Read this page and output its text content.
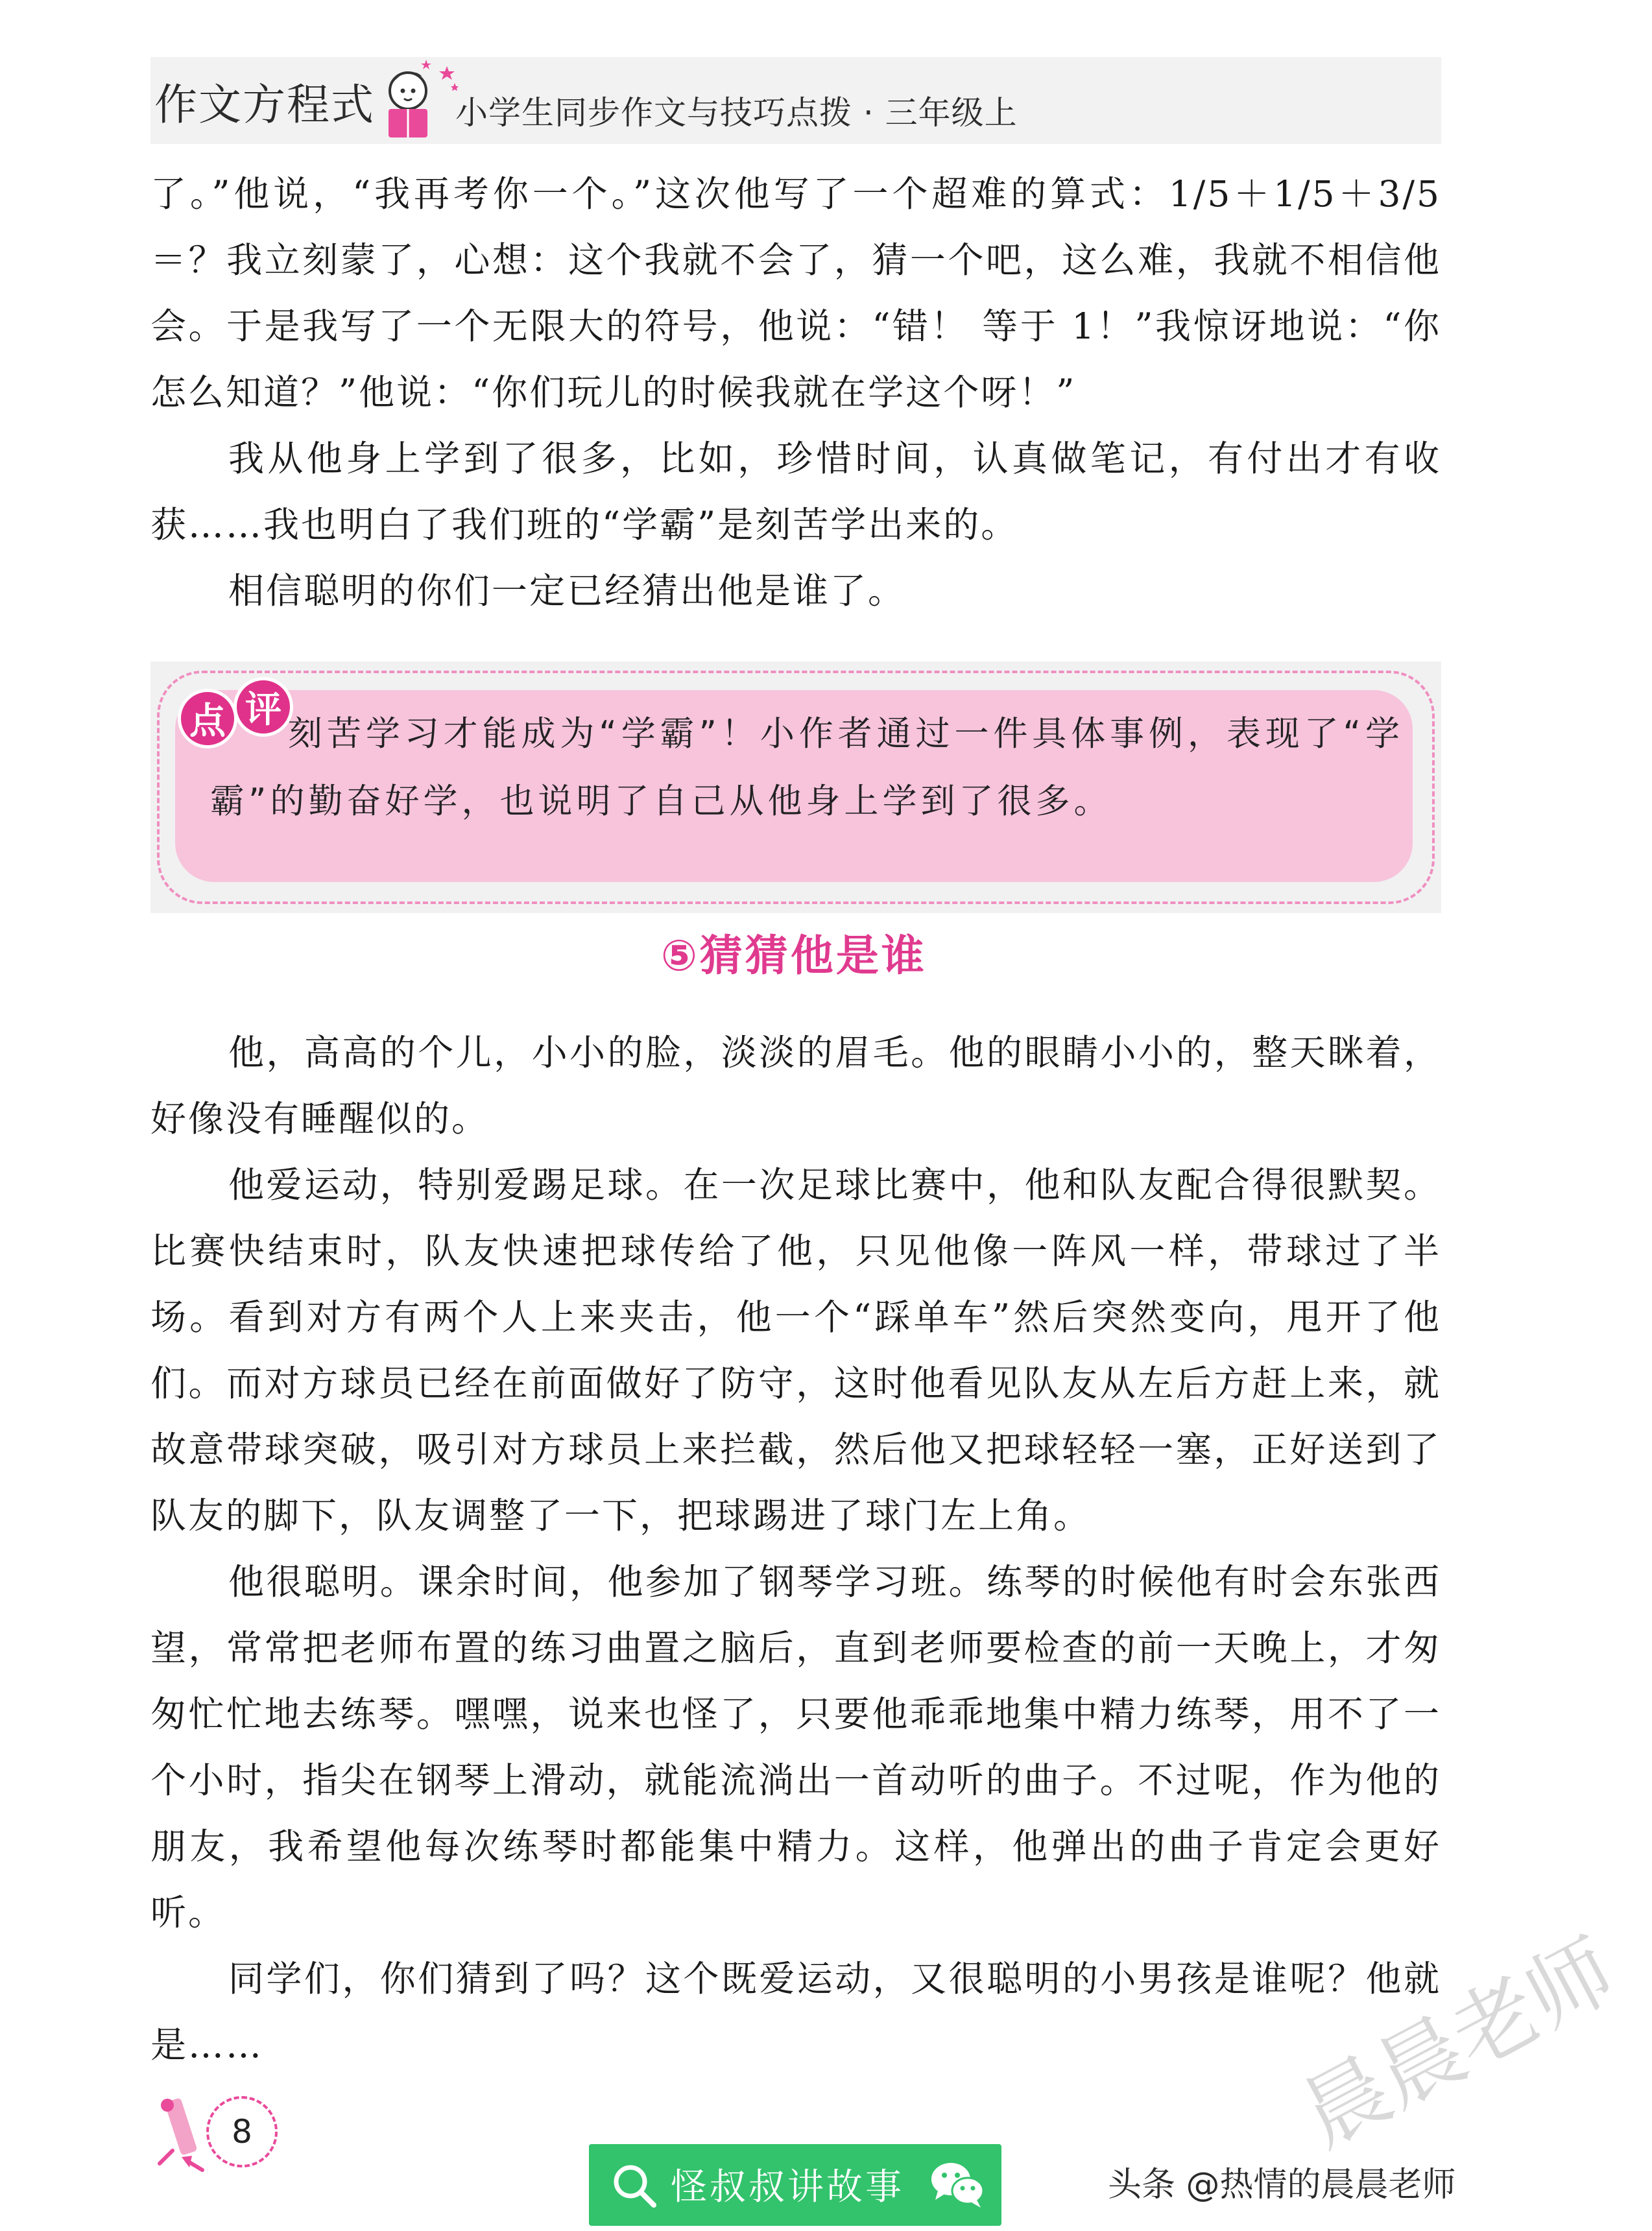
作文方程式 小学生同步作文与技巧点拨 · 三年级上

了。”他说，“我再考你一个。”这次他写了一个超难的算式：1/5＋1/5＋3/5＝？我立刻蒙了，心想：这个我就不会了，猜一个吧，这么难，我就不相信他会。于是我写了一个无限大的符号，他说：“错！ 等于 1！”我惊讶地说：“你怎么知道？”他说：“你们玩儿的时候我就在学这个呀！”

我从他身上学到了很多，比如，珍惜时间，认真做笔记，有付出才有收获……我也明白了我们班的“学霸”是刻苦学出来的。

相信聪明的你们一定已经猜出他是谁了。

点 评

刻苦学习才能成为“学霸”！小作者通过一件具体事例，表现了“学霸”的勤奋好学，也说明了自己从他身上学到了很多。

⑤猜猜他是谁

他，高高的个儿，小小的脸，淡淡的眉毛。他的眼睛小小的，整天眯着，好像没有睡醒似的。

他爱运动，特别爱踢足球。在一次足球比赛中，他和队友配合得很默契。比赛快结束时，队友快速把球传给了他，只见他像一阵风一样，带球过了半场。看到对方有两个人上来夹击，他一个“踩单车”然后突然变向，甩开了他们。而对方球员已经在前面做好了防守，这时他看见队友从左后方赶上来，就故意带球突破，吸引对方球员上来拦截，然后他又把球轻轻一塞，正好送到了队友的脚下，队友调整了一下，把球踢进了球门左上角。

他很聪明。课余时间，他参加了钢琴学习班。练琴的时候他有时会东张西望，常常把老师布置的练习曲置之脑后，直到老师要检查的前一天晚上，才匆匆忙忙地去练琴。嘿嘿，说来也怪了，只要他乖乖地集中精力练琴，用不了一个小时，指尖在钢琴上滑动，就能流淌出一首动听的曲子。不过呢，作为他的朋友，我希望他每次练琴时都能集中精力。这样，他弹出的曲子肯定会更好听。

同学们，你们猜到了吗？这个既爱运动，又很聪明的小男孩是谁呢？他就是……

8
怪叔叔讲故事
晨晨老师
头条 @热情的晨晨老师
